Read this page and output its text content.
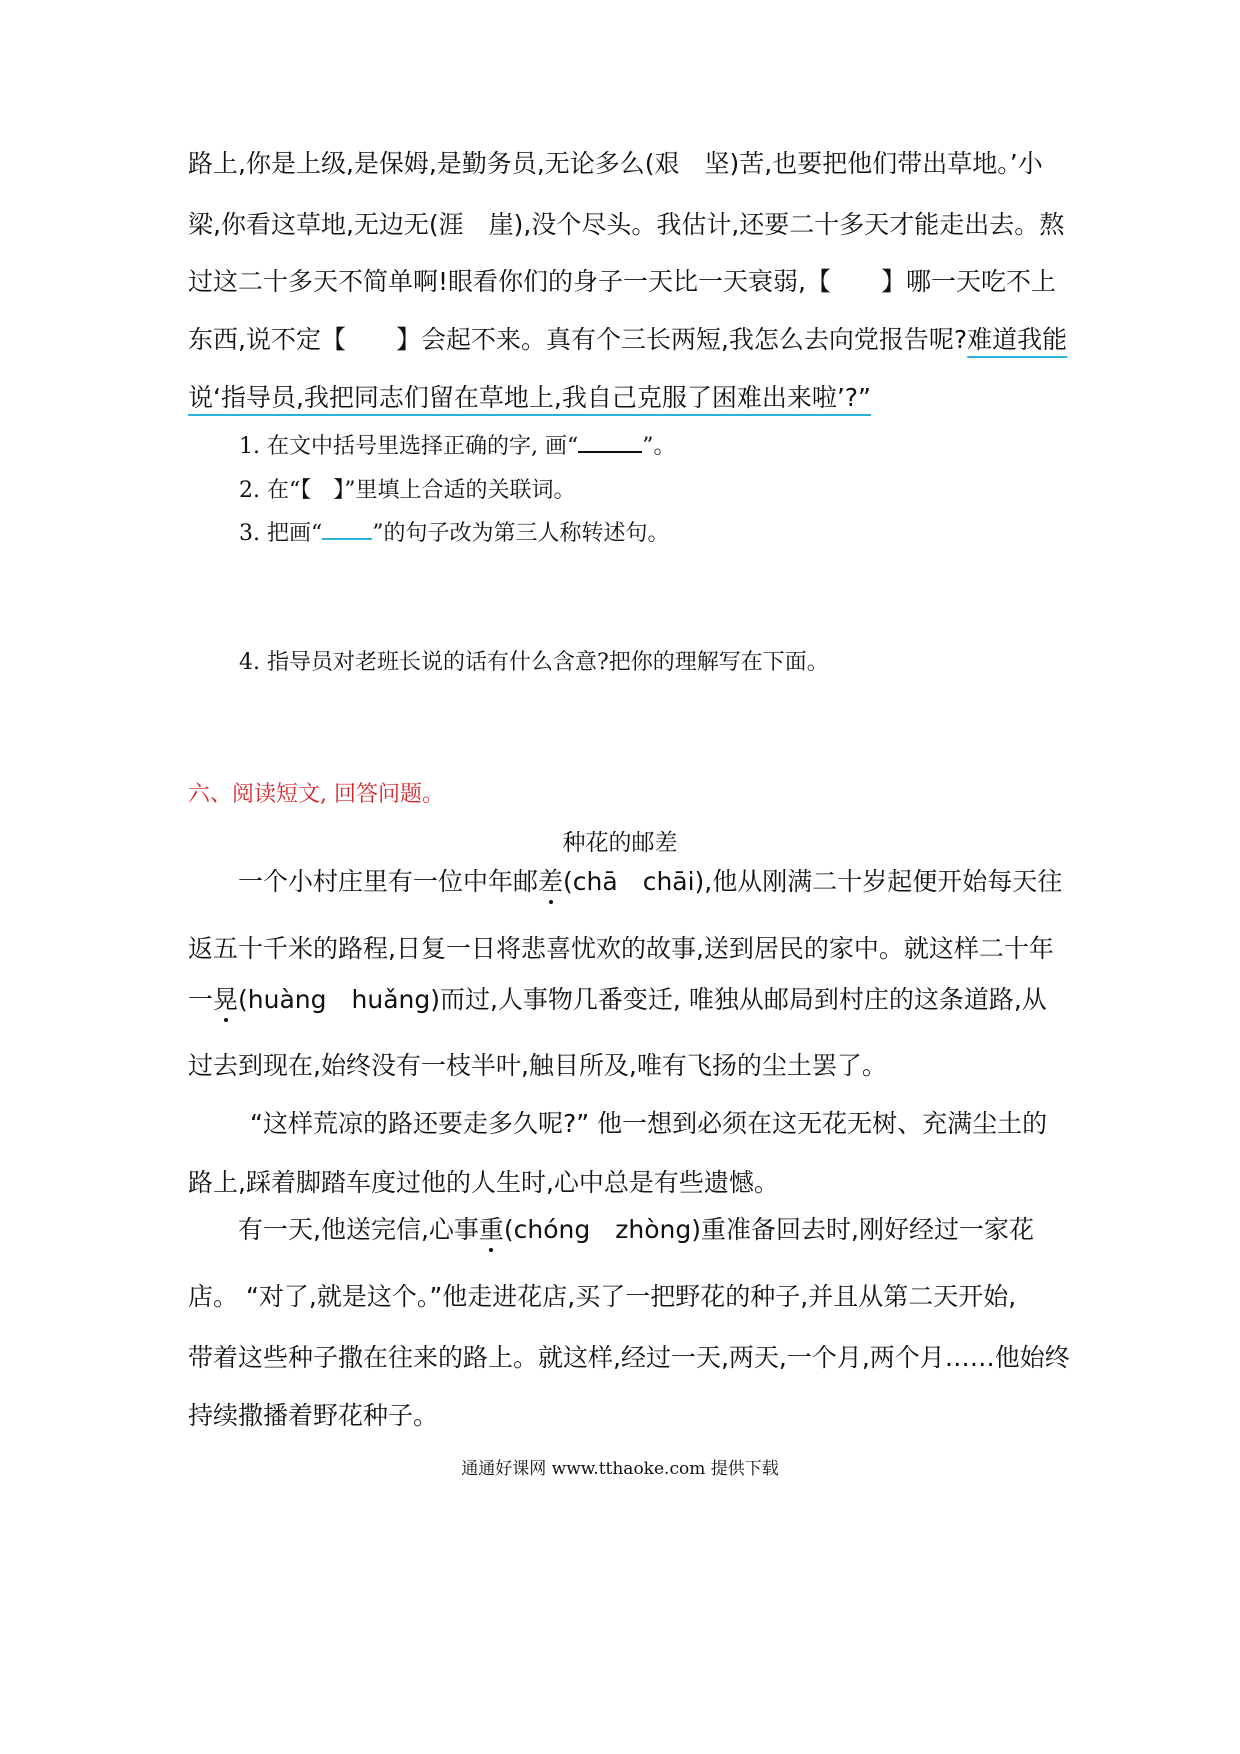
路上,你是上级,是保姆,是勤务员,无论多么(艰　坚)苦,也要把他们带出草地。’小
梁,你看这草地,无边无(涯　崖),没个尽头。我估计,还要二十多天才能走出去。熬
过这二十多天不简单啊!眼看你们的身子一天比一天衰弱,【　　】哪一天吃不上
东西,说不定【　　】会起不来。真有个三长两短,我怎么去向党报告呢?难道我能
说‘指导员,我把同志们留在草地上,我自己克服了困难出来啦’?”
1. 在文中括号里选择正确的字, 画“	”。
2. 在“【　】”里填上合适的关联词。
3. 把画“ ”的句子改为第三人称转述句。
4. 指导员对老班长说的话有什么含意?把你的理解写在下面。
六、阅读短文, 回答问题。
种花的邮差
一个小村庄里有一位中年邮差(chā　chāi),他从刚满二十岁起便开始每天往
返五十千米的路程,日复一日将悲喜忧欢的故事,送到居民的家中。就这样二十年
一晃(huàng　huǎng)而过,人事物几番变迁, 唯独从邮局到村庄的这条道路,从
过去到现在,始终没有一枝半叶,触目所及,唯有飞扬的尘土罢了。
“这样荒凉的路还要走多久呢?” 他一想到必须在这无花无树、充满尘土的
路上,踩着脚踏车度过他的人生时,心中总是有些遗憾。
有一天,他送完信,心事重(chóng　zhòng)重准备回去时,刚好经过一家花
店。 “对了,就是这个。”他走进花店,买了一把野花的种子,并且从第二天开始,
带着这些种子撒在往来的路上。就这样,经过一天,两天,一个月,两个月……他始终
持续撒播着野花种子。
通通好课网 www.tthaoke.com 提供下载
